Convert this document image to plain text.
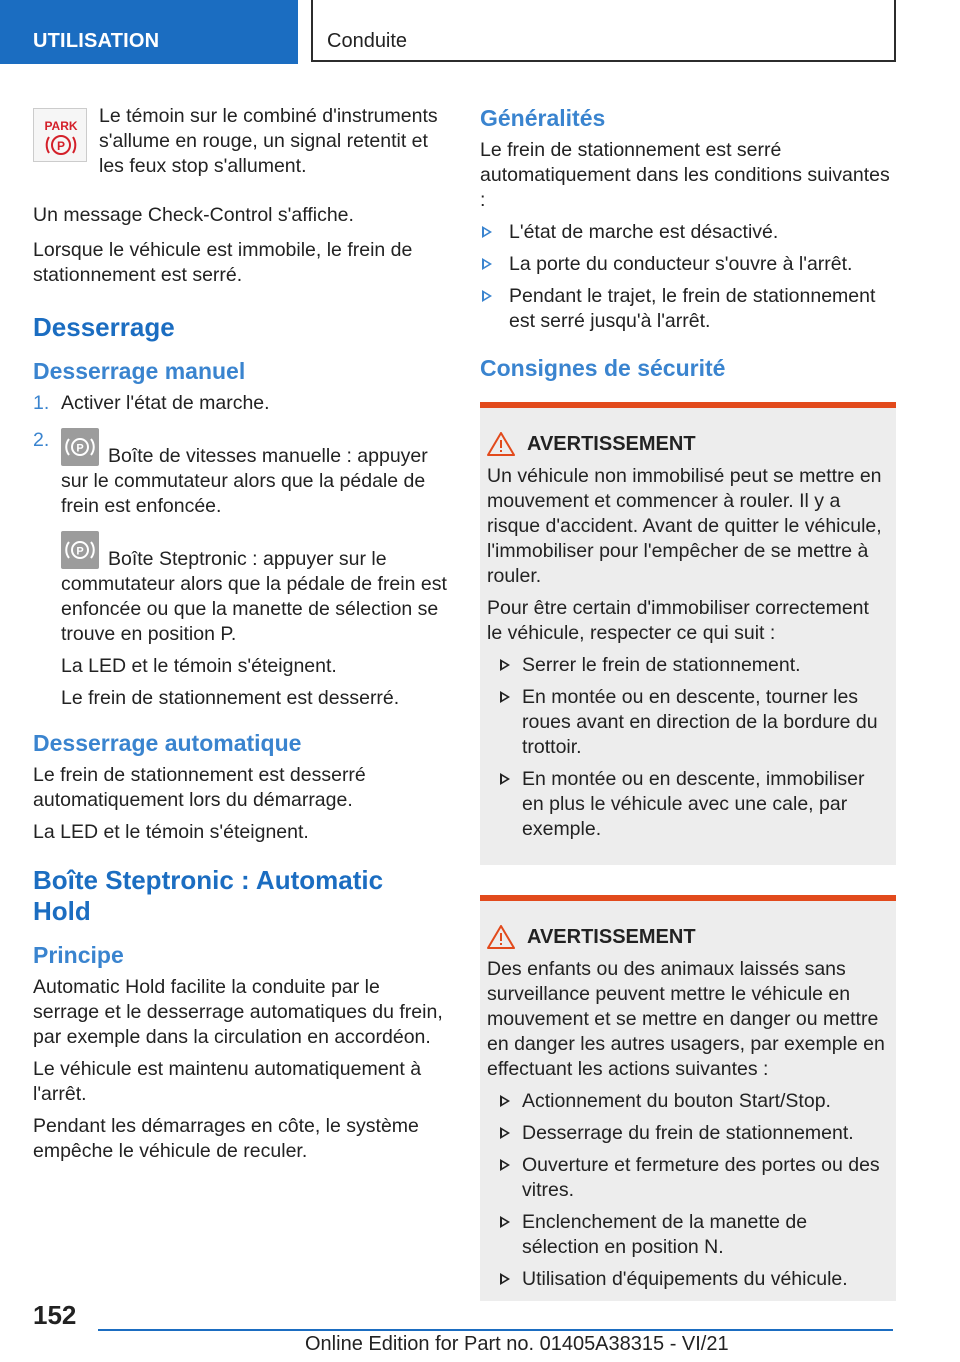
UTILISATION	Conduite
PARK
P
Le témoin sur le combiné d'instruments s'allume en rouge, un signal retentit et les feux stop s'allument.

Un message Check-Control s'affiche.

Lorsque le véhicule est immobile, le frein de stationnement est serré.

Desserrage
Desserrage manuel
1. Activer l'état de marche.
2. P Boîte de vitesses manuelle : appuyer sur le commutateur alors que la pédale de frein est enfoncée.
P Boîte Steptronic : appuyer sur le commutateur alors que la pédale de frein est enfoncée ou que la manette de sélection se trouve en position P.
La LED et le témoin s'éteignent.
Le frein de stationnement est desserré.
Desserrage automatique

Le frein de stationnement est desserré automatiquement lors du démarrage.

La LED et le témoin s'éteignent.

Boîte Steptronic : Automatic Hold
Principe

Automatic Hold facilite la conduite par le serrage et le desserrage automatiques du frein, par exemple dans la circulation en accordéon.

Le véhicule est maintenu automatiquement à l'arrêt.

Pendant les démarrages en côte, le système empêche le véhicule de reculer.

Généralités

Le frein de stationnement est serré automatiquement dans les conditions suivantes :

L'état de marche est désactivé.
La porte du conducteur s'ouvre à l'arrêt.
Pendant le trajet, le frein de stationnement est serré jusqu'à l'arrêt.
Consignes de sécurité
AVERTISSEMENT

Un véhicule non immobilisé peut se mettre en mouvement et commencer à rouler. Il y a risque d'accident. Avant de quitter le véhicule, l'immobiliser pour l'empêcher de se mettre à rouler.

Pour être certain d'immobiliser correctement le véhicule, respecter ce qui suit :

Serrer le frein de stationnement.
En montée ou en descente, tourner les roues avant en direction de la bordure du trottoir.
En montée ou en descente, immobiliser en plus le véhicule avec une cale, par exemple.
AVERTISSEMENT

Des enfants ou des animaux laissés sans surveillance peuvent mettre le véhicule en mouvement et se mettre en danger ou mettre en danger les autres usagers, par exemple en effectuant les actions suivantes :

Actionnement du bouton Start/Stop.
Desserrage du frein de stationnement.
Ouverture et fermeture des portes ou des vitres.
Enclenchement de la manette de sélection en position N.
Utilisation d'équipements du véhicule.
152
Online Edition for Part no. 01405A38315 - VI/21
